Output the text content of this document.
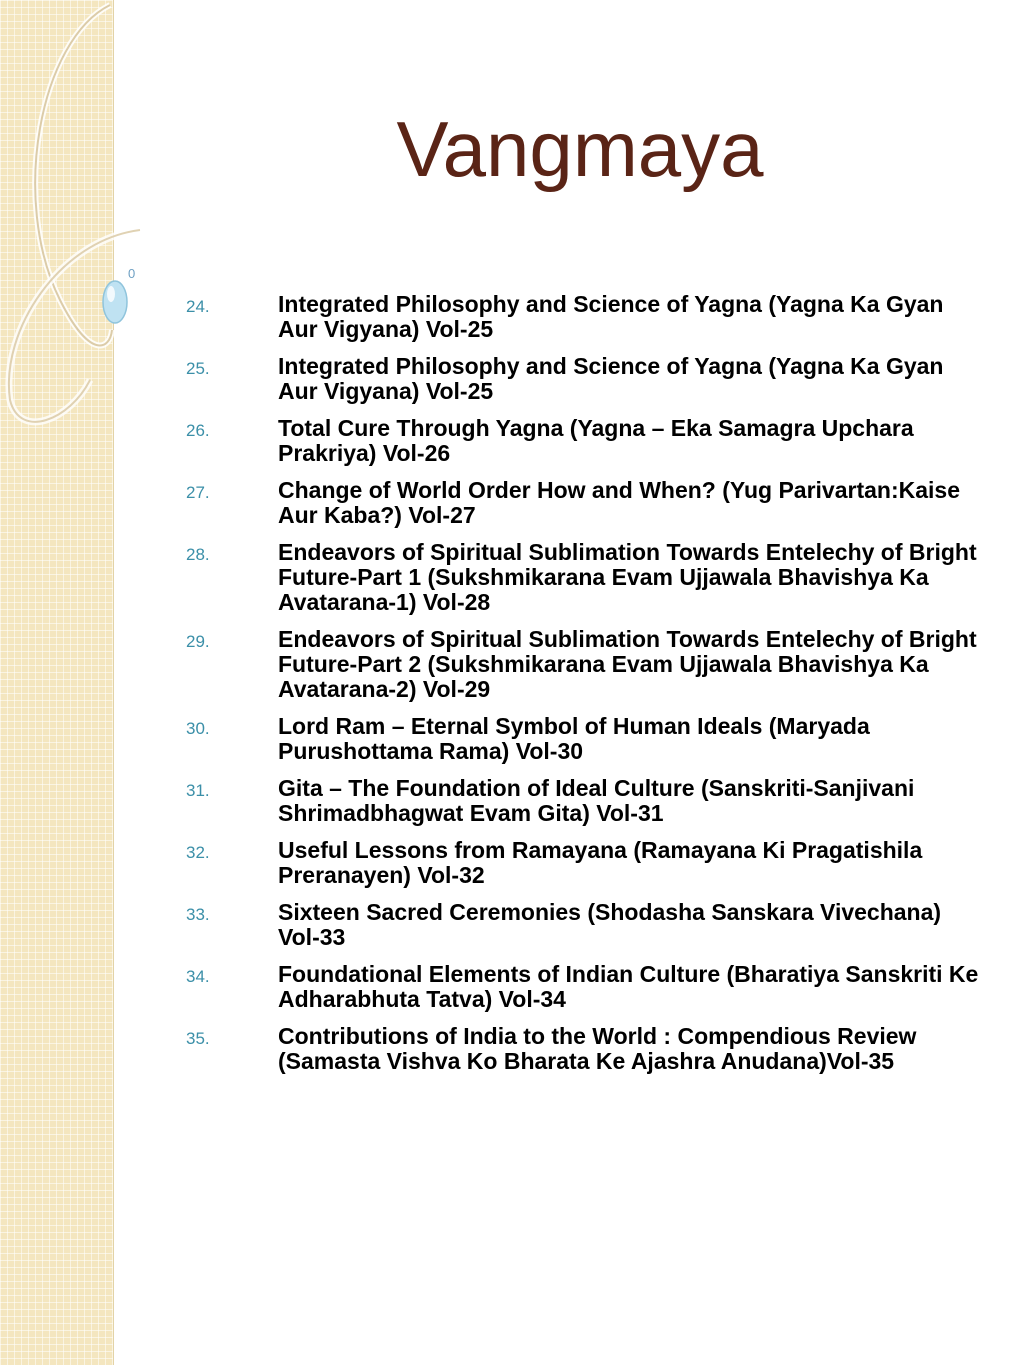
0
Vangmaya
24.	Integrated Philosophy and Science of Yagna (Yagna Ka Gyan Aur Vigyana) Vol-25
25.	Integrated Philosophy and Science of Yagna (Yagna Ka Gyan Aur Vigyana) Vol-25
26.	Total Cure Through Yagna (Yagna – Eka Samagra Upchara Prakriya) Vol-26
27.	Change of World Order How and When? (Yug Parivartan:Kaise Aur Kaba?) Vol-27
28.	Endeavors of Spiritual Sublimation Towards Entelechy of Bright Future-Part 1 (Sukshmikarana Evam Ujjawala Bhavishya Ka Avatarana-1) Vol-28
29.	Endeavors of Spiritual Sublimation Towards Entelechy of Bright Future-Part 2 (Sukshmikarana Evam Ujjawala Bhavishya Ka Avatarana-2) Vol-29
30.	Lord Ram – Eternal Symbol of Human Ideals (Maryada Purushottama Rama) Vol-30
31.	Gita – The Foundation of Ideal Culture (Sanskriti-Sanjivani Shrimadbhagwat Evam Gita) Vol-31
32.	Useful Lessons from Ramayana (Ramayana Ki Pragatishila Preranayen) Vol-32
33.	Sixteen Sacred Ceremonies (Shodasha Sanskara Vivechana) Vol-33
34.	Foundational Elements of Indian Culture (Bharatiya Sanskriti Ke Adharabhuta Tatva) Vol-34
35.	Contributions of India to the World : Compendious Review (Samasta Vishva Ko Bharata Ke Ajashra Anudana)Vol-35
